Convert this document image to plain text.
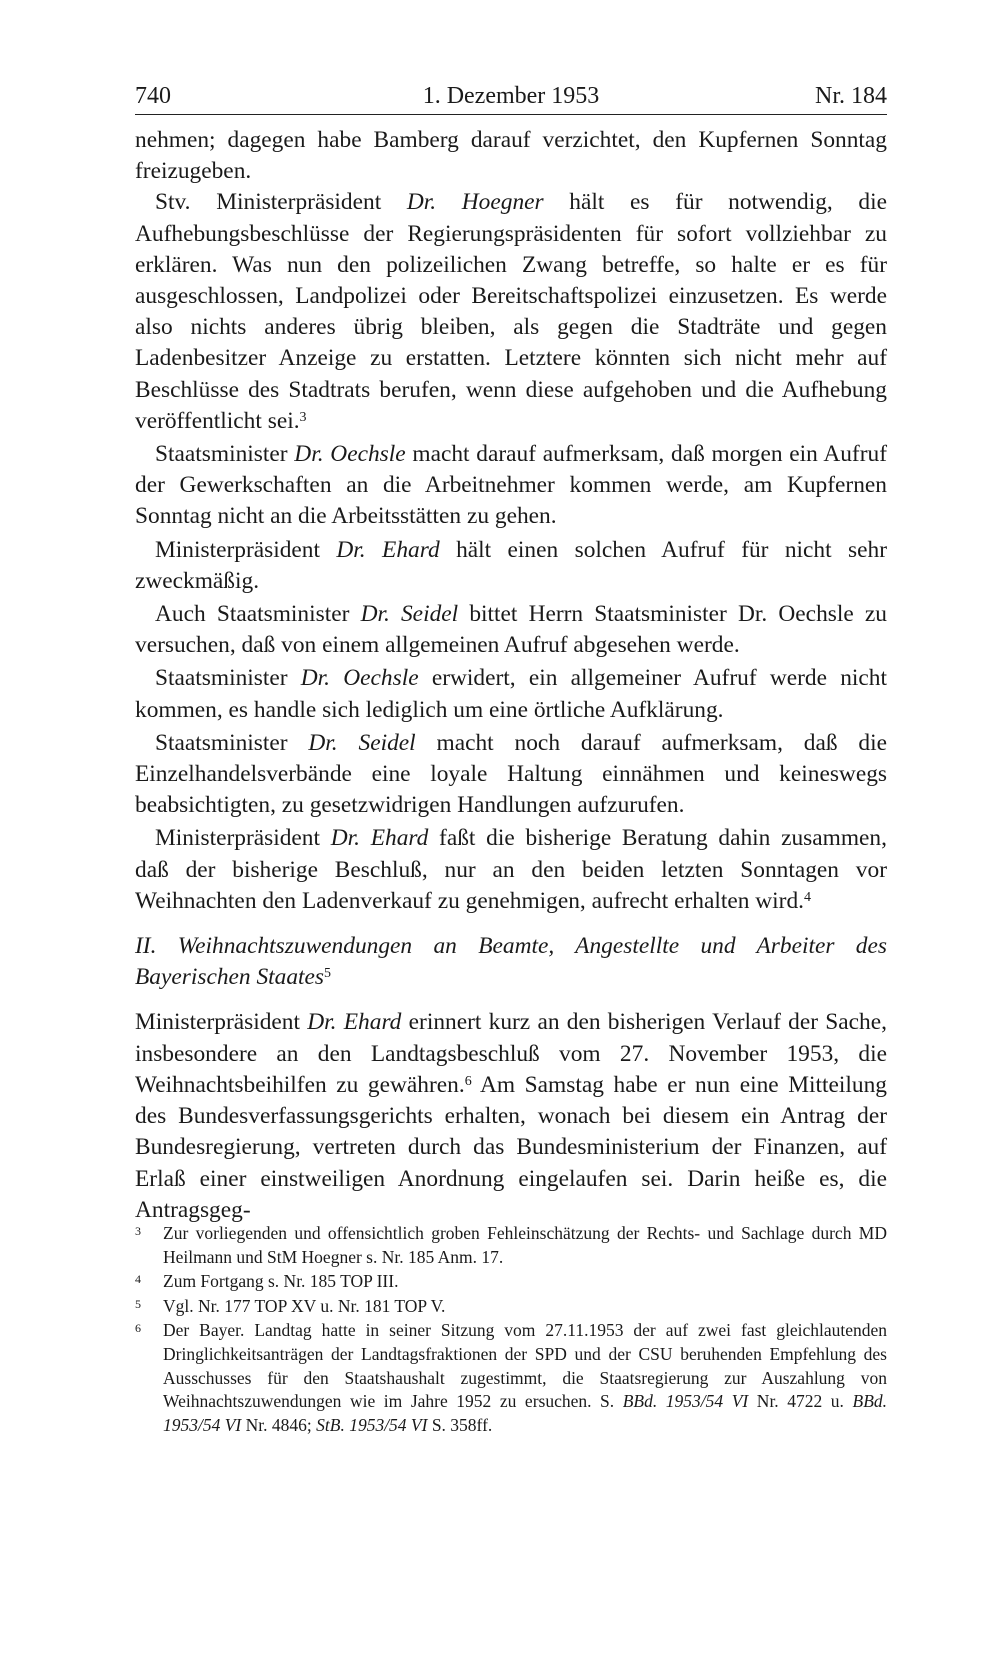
1. Dezember 1953
740	Nr. 184

nehmen; dagegen habe Bamberg darauf verzichtet, den Kupfernen Sonntag freizugeben.

Stv. Ministerpräsident Dr. Hoegner hält es für notwendig, die Aufhebungsbeschlüsse der Regierungspräsidenten für sofort vollziehbar zu erklären. Was nun den polizeilichen Zwang betreffe, so halte er es für ausgeschlossen, Landpolizei oder Bereitschaftspolizei einzusetzen. Es werde also nichts anderes übrig bleiben, als gegen die Stadträte und gegen Ladenbesitzer Anzeige zu erstatten. Letztere könnten sich nicht mehr auf Beschlüsse des Stadtrats berufen, wenn diese aufgehoben und die Aufhebung veröffentlicht sei.$^3$

Staatsminister Dr. Oechsle macht darauf aufmerksam, daß morgen ein Aufruf der Gewerkschaften an die Arbeitnehmer kommen werde, am Kupfernen Sonntag nicht an die Arbeitsstätten zu gehen.

Ministerpräsident Dr. Ehard hält einen solchen Aufruf für nicht sehr zweckmäßig.

Auch Staatsminister Dr. Seidel bittet Herrn Staatsminister Dr. Oechsle zu versuchen, daß von einem allgemeinen Aufruf abgesehen werde.

Staatsminister Dr. Oechsle erwidert, ein allgemeiner Aufruf werde nicht kommen, es handle sich lediglich um eine örtliche Aufklärung.

Staatsminister Dr. Seidel macht noch darauf aufmerksam, daß die Einzelhandelsverbände eine loyale Haltung einnähmen und keineswegs beabsichtigten, zu gesetzwidrigen Handlungen aufzurufen.

Ministerpräsident Dr. Ehard faßt die bisherige Beratung dahin zusammen, daß der bisherige Beschluß, nur an den beiden letzten Sonntagen vor Weihnachten den Ladenverkauf zu genehmigen, aufrecht erhalten wird.$^4$

II. Weihnachtszuwendungen an Beamte, Angestellte und Arbeiter des Bayerischen Staates$^5$

Ministerpräsident Dr. Ehard erinnert kurz an den bisherigen Verlauf der Sache, insbesondere an den Landtagsbeschluß vom 27. November 1953, die Weihnachtsbeihilfen zu gewähren.$^6$ Am Samstag habe er nun eine Mitteilung des Bundesverfassungsgerichts erhalten, wonach bei diesem ein Antrag der Bundesregierung, vertreten durch das Bundesministerium der Finanzen, auf Erlaß einer einstweiligen Anordnung eingelaufen sei. Darin heiße es, die Antragsgeg-

3 Zur vorliegenden und offensichtlich groben Fehleinschätzung der Rechts- und Sachlage durch MD Heilmann und StM Hoegner s. Nr. 185 Anm. 17.
4 Zum Fortgang s. Nr. 185 TOP III.
5 Vgl. Nr. 177 TOP XV u. Nr. 181 TOP V.
6 Der Bayer. Landtag hatte in seiner Sitzung vom 27.11.1953 der auf zwei fast gleichlautenden Dringlichkeitsanträgen der Landtagsfraktionen der SPD und der CSU beruhenden Empfehlung des Ausschusses für den Staatshaushalt zugestimmt, die Staatsregierung zur Auszahlung von Weihnachtszuwendungen wie im Jahre 1952 zu ersuchen. S. BBd. 1953/54 VI Nr. 4722 u. BBd. 1953/54 VI Nr. 4846; StB. 1953/54 VI S. 358ff.
